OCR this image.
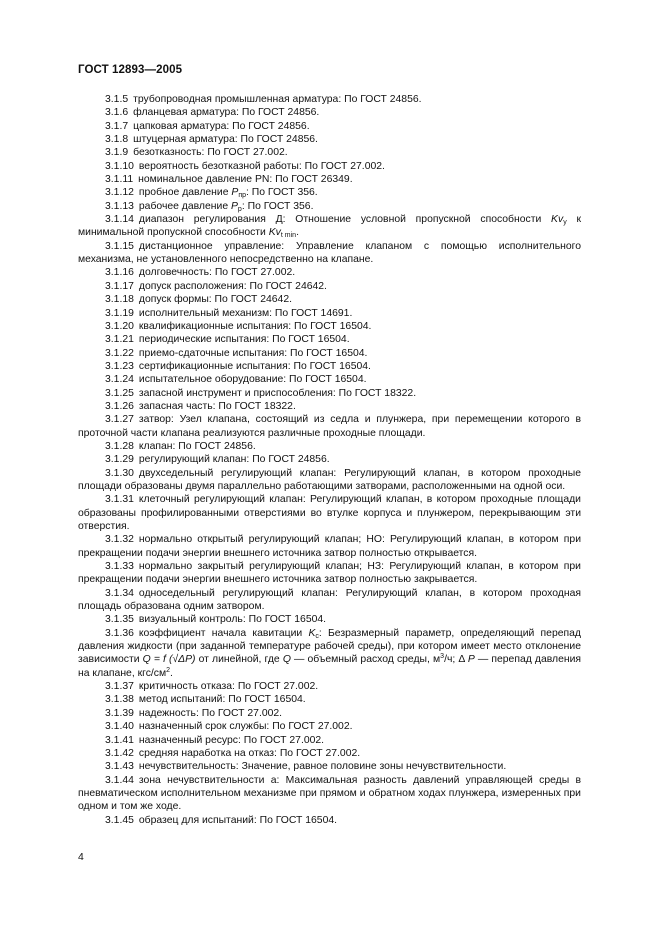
ГОСТ 12893—2005

3.1.5 трубопроводная промышленная арматура: По ГОСТ 24856.

3.1.6 фланцевая арматура: По ГОСТ 24856.

3.1.7 цапковая арматура: По ГОСТ 24856.

3.1.8 штуцерная арматура: По ГОСТ 24856.

3.1.9 безотказность: По ГОСТ 27.002.

3.1.10 вероятность безотказной работы: По ГОСТ 27.002.

3.1.11 номинальное давление PN: По ГОСТ 26349.

3.1.12 пробное давление $P_{пр}$: По ГОСТ 356.

3.1.13 рабочее давление $P_р$: По ГОСТ 356.

3.1.14 диапазон регулирования Д: Отношение условной пропускной способности $Kv_y$ к минимальной пропускной способности $Kv_{t min}$.

3.1.15 дистанционное управление: Управление клапаном с помощью исполнительного механизма, не установленного непосредственно на клапане.

3.1.16 долговечность: По ГОСТ 27.002.

3.1.17 допуск расположения: По ГОСТ 24642.

3.1.18 допуск формы: По ГОСТ 24642.

3.1.19 исполнительный механизм: По ГОСТ 14691.

3.1.20 квалификационные испытания: По ГОСТ 16504.

3.1.21 периодические испытания: По ГОСТ 16504.

3.1.22 приемо-сдаточные испытания: По ГОСТ 16504.

3.1.23 сертификационные испытания: По ГОСТ 16504.

3.1.24 испытательное оборудование: По ГОСТ 16504.

3.1.25 запасной инструмент и приспособления: По ГОСТ 18322.

3.1.26 запасная часть: По ГОСТ 18322.

3.1.27 затвор: Узел клапана, состоящий из седла и плунжера, при перемещении которого в проточной части клапана реализуются различные проходные площади.

3.1.28 клапан: По ГОСТ 24856.

3.1.29 регулирующий клапан: По ГОСТ 24856.

3.1.30 двухседельный регулирующий клапан: Регулирующий клапан, в котором проходные площади образованы двумя параллельно работающими затворами, расположенными на одной оси.

3.1.31 клеточный регулирующий клапан: Регулирующий клапан, в котором проходные площади образованы профилированными отверстиями во втулке корпуса и плунжером, перекрывающим эти отверстия.

3.1.32 нормально открытый регулирующий клапан; НО: Регулирующий клапан, в котором при прекращении подачи энергии внешнего источника затвор полностью открывается.

3.1.33 нормально закрытый регулирующий клапан; НЗ: Регулирующий клапан, в котором при прекращении подачи энергии внешнего источника затвор полностью закрывается.

3.1.34 односедельный регулирующий клапан: Регулирующий клапан, в котором проходная площадь образована одним затвором.

3.1.35 визуальный контроль: По ГОСТ 16504.

3.1.36 коэффициент начала кавитации $K_c$: Безразмерный параметр, определяющий перепад давления жидкости (при заданной температуре рабочей среды), при котором имеет место отклонение зависимости Q = f (√ΔP) от линейной, где Q — объемный расход среды, $м^3/ч$; Δ P — перепад давления на клапане, кгс/$см^2$.

3.1.37 критичность отказа: По ГОСТ 27.002.

3.1.38 метод испытаний: По ГОСТ 16504.

3.1.39 надежность: По ГОСТ 27.002.

3.1.40 назначенный срок службы: По ГОСТ 27.002.

3.1.41 назначенный ресурс: По ГОСТ 27.002.

3.1.42 средняя наработка на отказ: По ГОСТ 27.002.

3.1.43 нечувствительность: Значение, равное половине зоны нечувствительности.

3.1.44 зона нечувствительности а: Максимальная разность давлений управляющей среды в пневматическом исполнительном механизме при прямом и обратном ходах плунжера, измеренных при одном и том же ходе.

3.1.45 образец для испытаний: По ГОСТ 16504.

4
